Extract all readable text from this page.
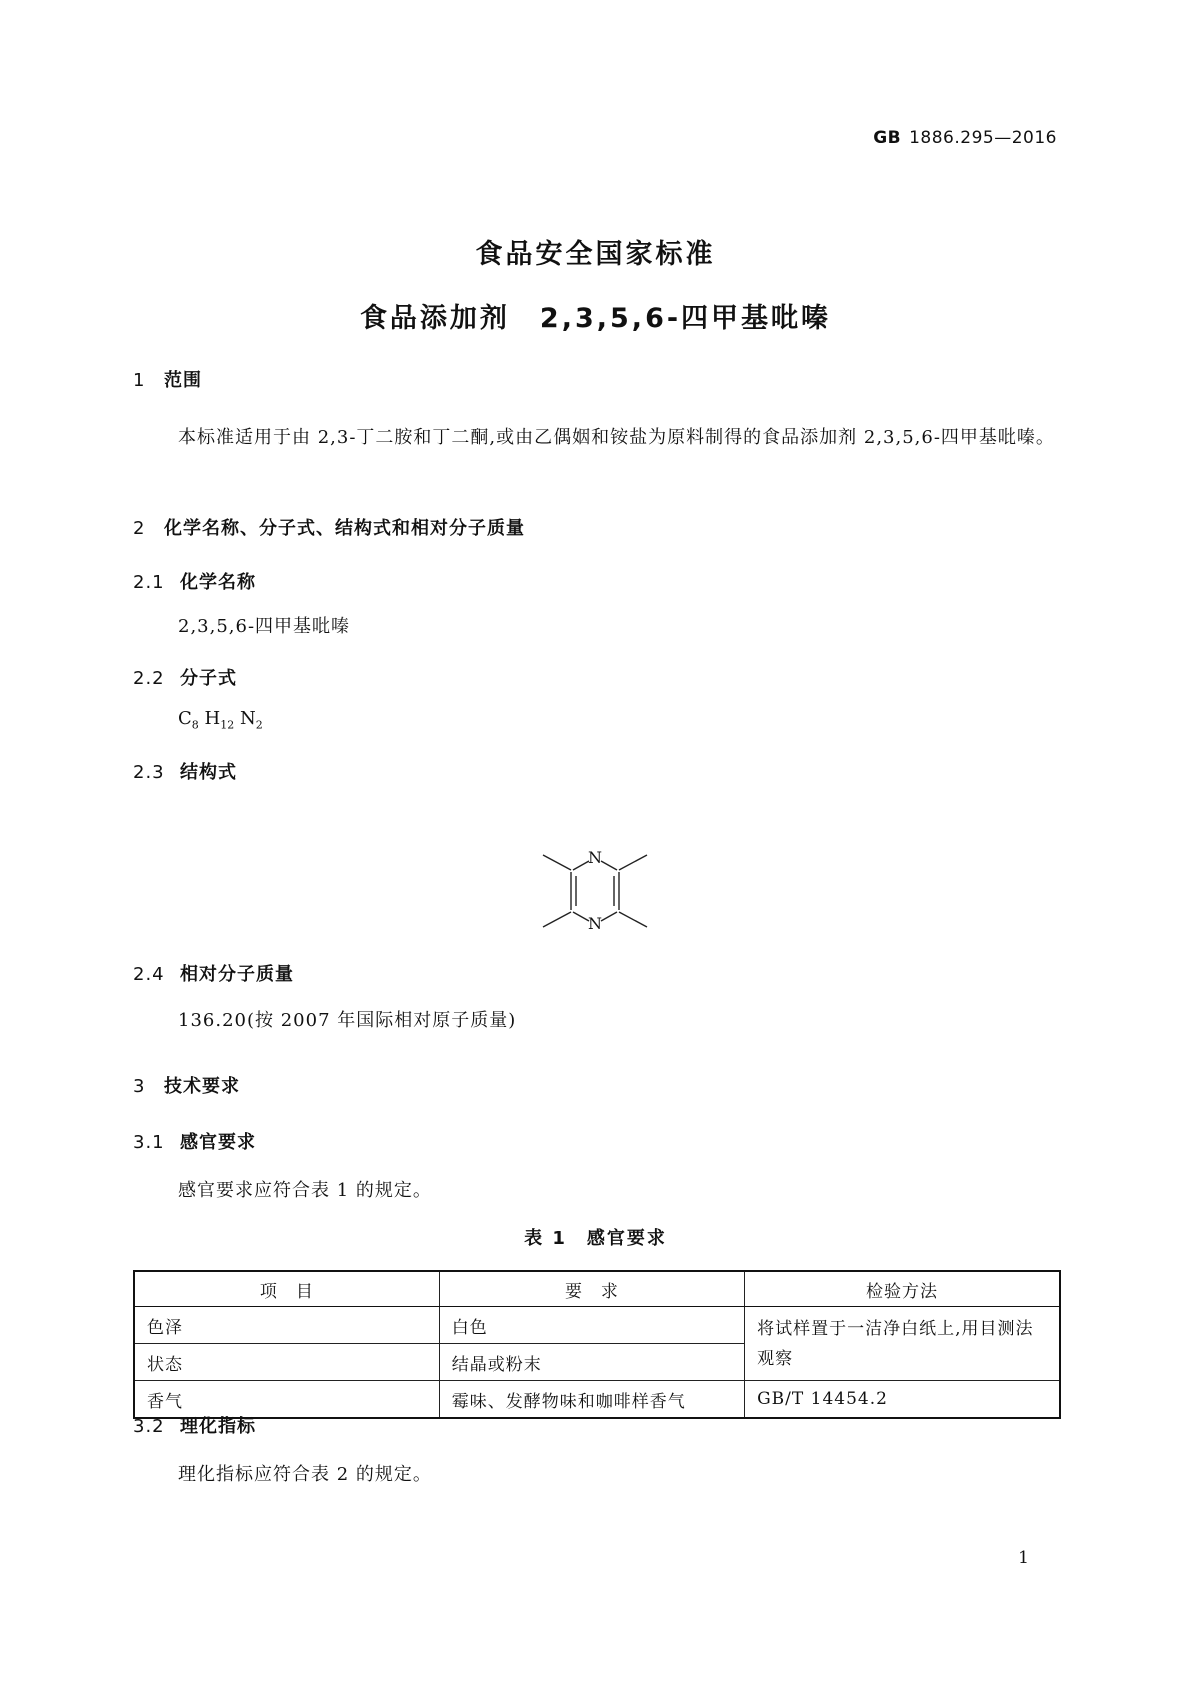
GB 1886.295—2016
食品安全国家标准
食品添加剂　2,3,5,6-四甲基吡嗪
1 范围
本标准适用于由 2,3-丁二胺和丁二酮,或由乙偶姻和铵盐为原料制得的食品添加剂 2,3,5,6-四甲基吡嗪。
2 化学名称、分子式、结构式和相对分子质量
2.1 化学名称
2,3,5,6-四甲基吡嗪
2.2 分子式
$C_8$ $H_{12}$ $N_2$
2.3 结构式
N
N
2.4 相对分子质量
136.20(按 2007 年国际相对原子质量)
3 技术要求
3.1 感官要求
感官要求应符合表 1 的规定。
表 1　感官要求
项　目	要　求	检验方法
色泽	白色	将试样置于一洁净白纸上,用目测法观察
状态	结晶或粉末	
香气	霉味、发酵物味和咖啡样香气	GB/T 14454.2
3.2 理化指标
理化指标应符合表 2 的规定。
1
